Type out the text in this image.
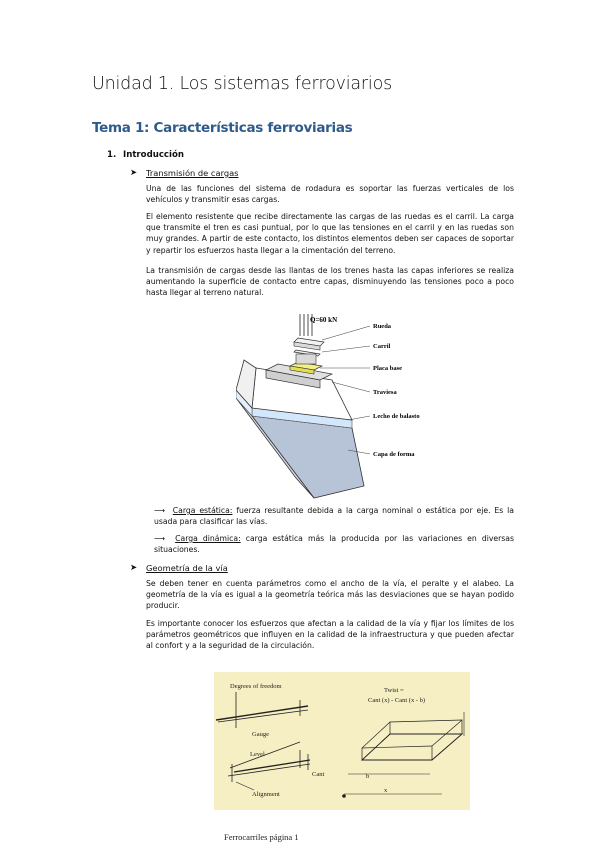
Unidad 1. Los sistemas ferroviarios
Tema 1: Características ferroviarias
1. Introducción
➤ Transmisión de cargas
Una de las funciones del sistema de rodadura es soportar las fuerzas verticales de los vehículos y transmitir esas cargas.
El elemento resistente que recibe directamente las cargas de las ruedas es el carril. La carga que transmite el tren es casi puntual, por lo que las tensiones en el carril y en las ruedas son muy grandes. A partir de este contacto, los distintos elementos deben ser capaces de soportar y repartir los esfuerzos hasta llegar a la cimentación del terreno.
La transmisión de cargas desde las llantas de los trenes hasta las capas inferiores se realiza aumentando la superficie de contacto entre capas, disminuyendo las tensiones poco a poco hasta llegar al terreno natural.
Q=60 kN
Rueda
Carril
Placa base
Traviesa
Lecho de balasto
Capa de forma
⟶ Carga estática: fuerza resultante debida a la carga nominal o estática por eje. Es la usada para clasificar las vías.
⟶ Carga dinámica: carga estática más la producida por las variaciones en diversas situaciones.
➤ Geometría de la vía
Se deben tener en cuenta parámetros como el ancho de la vía, el peralte y el alabeo. La geometría de la vía es igual a la geometría teórica más las desviaciones que se hayan podido producir.
Es importante conocer los esfuerzos que afectan a la calidad de la vía y fijar los límites de los parámetros geométricos que influyen en la calidad de la infraestructura y que pueden afectar al confort y a la seguridad de la circulación.
Degrees of freedom
Gauge
Level
Cant
Alignment
Twist =
Cant (x) - Cant (x - b)
b
x
Ferrocarriles página 1
